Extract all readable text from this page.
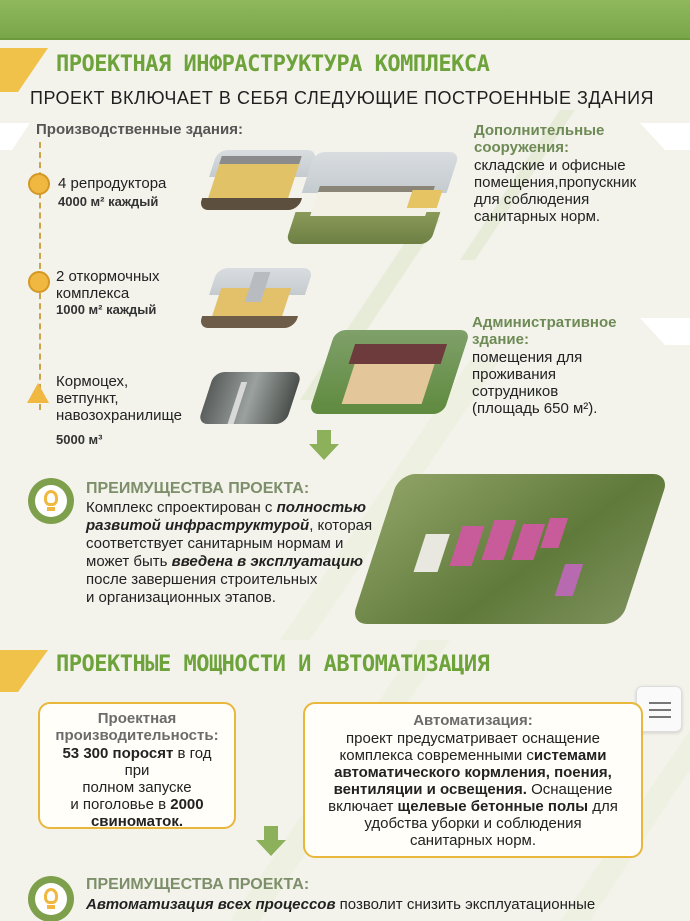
ПРОЕКТНАЯ ИНФРАСТРУКТУРА КОМПЛЕКСА
ПРОЕКТ ВКЛЮЧАЕТ В СЕБЯ СЛЕДУЮЩИЕ ПОСТРОЕННЫЕ ЗДАНИЯ
Производственные здания:
4 репродуктора
4000 м² каждый
2 откормочных
комплекса
1000 м² каждый
Кормоцех,
ветпункт,
навозохранилище
5000 м³
Дополнительные
сооружения:
складские и офисные
помещения,пропускник
для соблюдения
санитарных норм.
Административное
здание:
помещения для
проживания
сотрудников
(площадь 650 м²).
ПРЕИМУЩЕСТВА ПРОЕКТА:
Комплекс спроектирован с полностью
развитой инфраструктурой, которая
соответствует санитарным нормам и
может быть введена в эксплуатацию
после завершения строительных
и организационных этапов.
ПРОЕКТНЫЕ МОЩНОСТИ И АВТОМАТИЗАЦИЯ
Проектная
производительность:
53 300 поросят в год при
полном запуске
и поголовье в 2000
свиноматок.
Автоматизация:
проект предусматривает оснащение
комплекса современными системами
автоматического кормления, поения,
вентиляции и освещения. Оснащение
включает щелевые бетонные полы для
удобства уборки и соблюдения
санитарных норм.
ПРЕИМУЩЕСТВА ПРОЕКТА:
Автоматизация всех процессов позволит снизить эксплуатационные
